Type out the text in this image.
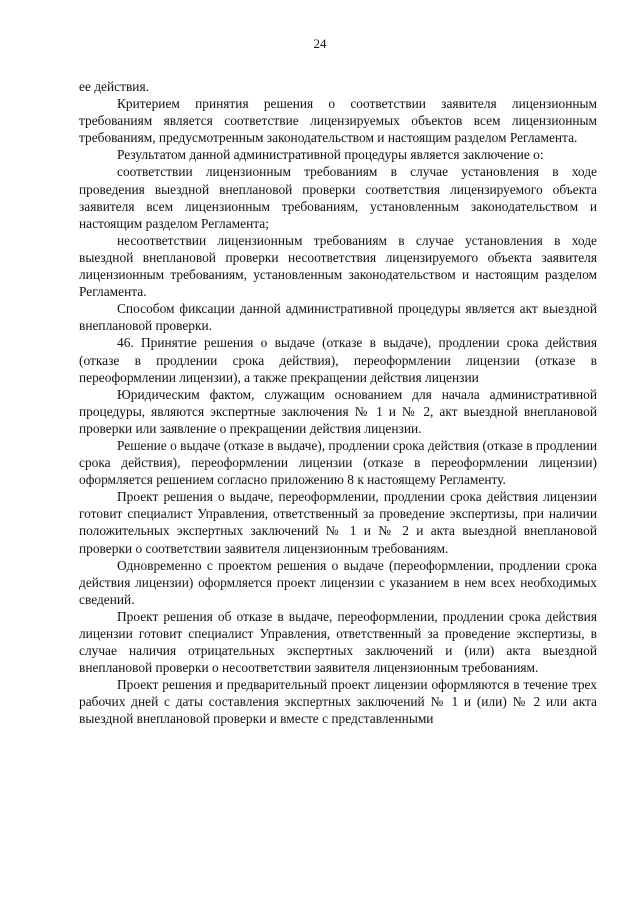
24

ее действия.

Критерием принятия решения о соответствии заявителя лицензионным требованиям является соответствие лицензируемых объектов всем лицензионным требованиям, предусмотренным законодательством и настоящим разделом Регламента.

Результатом данной административной процедуры является заключение о:

соответствии лицензионным требованиям в случае установления в ходе проведения выездной внеплановой проверки соответствия лицензируемого объекта заявителя всем лицензионным требованиям, установленным законодательством и настоящим разделом Регламента;

несоответствии лицензионным требованиям в случае установления в ходе выездной внеплановой проверки несоответствия лицензируемого объекта заявителя лицензионным требованиям, установленным законодательством и настоящим разделом Регламента.

Способом фиксации данной административной процедуры является акт выездной внеплановой проверки.

46. Принятие решения о выдаче (отказе в выдаче), продлении срока действия (отказе в продлении срока действия), переоформлении лицензии (отказе в переоформлении лицензии), а также прекращении действия лицензии

Юридическим фактом, служащим основанием для начала административной процедуры, являются экспертные заключения № 1 и № 2, акт выездной внеплановой проверки или заявление о прекращении действия лицензии.

Решение о выдаче (отказе в выдаче), продлении срока действия (отказе в продлении срока действия), переоформлении лицензии (отказе в переоформлении лицензии) оформляется решением согласно приложению 8 к настоящему Регламенту.

Проект решения о выдаче, переоформлении, продлении срока действия лицензии готовит специалист Управления, ответственный за проведение экспертизы, при наличии положительных экспертных заключений № 1 и № 2 и акта выездной внеплановой проверки о соответствии заявителя лицензионным требованиям.

Одновременно с проектом решения о выдаче (переоформлении, продлении срока действия лицензии) оформляется проект лицензии с указанием в нем всех необходимых сведений.

Проект решения об отказе в выдаче, переоформлении, продлении срока действия лицензии готовит специалист Управления, ответственный за проведение экспертизы, в случае наличия отрицательных экспертных заключений и (или) акта выездной внеплановой проверки о несоответствии заявителя лицензионным требованиям.

Проект решения и предварительный проект лицензии оформляются в течение трех рабочих дней с даты составления экспертных заключений № 1 и (или) № 2 или акта выездной внеплановой проверки и вместе с представленными
